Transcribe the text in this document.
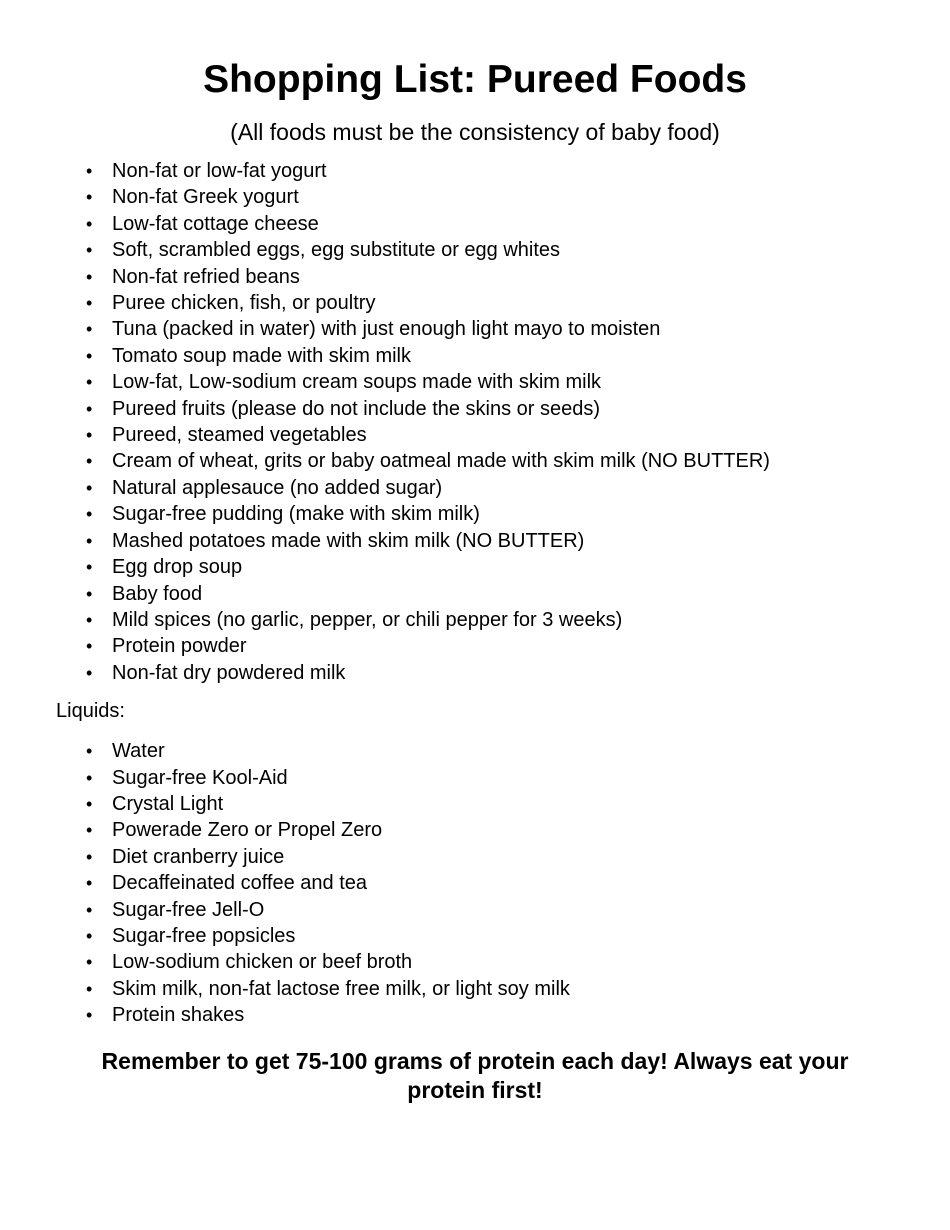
Shopping List: Pureed Foods

(All foods must be the consistency of baby food)

• Non-fat or low-fat yogurt
• Non-fat Greek yogurt
• Low-fat cottage cheese
• Soft, scrambled eggs, egg substitute or egg whites
• Non-fat refried beans
• Puree chicken, fish, or poultry
• Tuna (packed in water) with just enough light mayo to moisten
• Tomato soup made with skim milk
• Low-fat, Low-sodium cream soups made with skim milk
• Pureed fruits (please do not include the skins or seeds)
• Pureed, steamed vegetables
• Cream of wheat, grits or baby oatmeal made with skim milk (NO BUTTER)
• Natural applesauce (no added sugar)
• Sugar-free pudding (make with skim milk)
• Mashed potatoes made with skim milk (NO BUTTER)
• Egg drop soup
• Baby food
• Mild spices (no garlic, pepper, or chili pepper for 3 weeks)
• Protein powder
• Non-fat dry powdered milk

Liquids:

• Water
• Sugar-free Kool-Aid
• Crystal Light
• Powerade Zero or Propel Zero
• Diet cranberry juice
• Decaffeinated coffee and tea
• Sugar-free Jell-O
• Sugar-free popsicles
• Low-sodium chicken or beef broth
• Skim milk, non-fat lactose free milk, or light soy milk
• Protein shakes

Remember to get 75-100 grams of protein each day! Always eat your
protein first!
